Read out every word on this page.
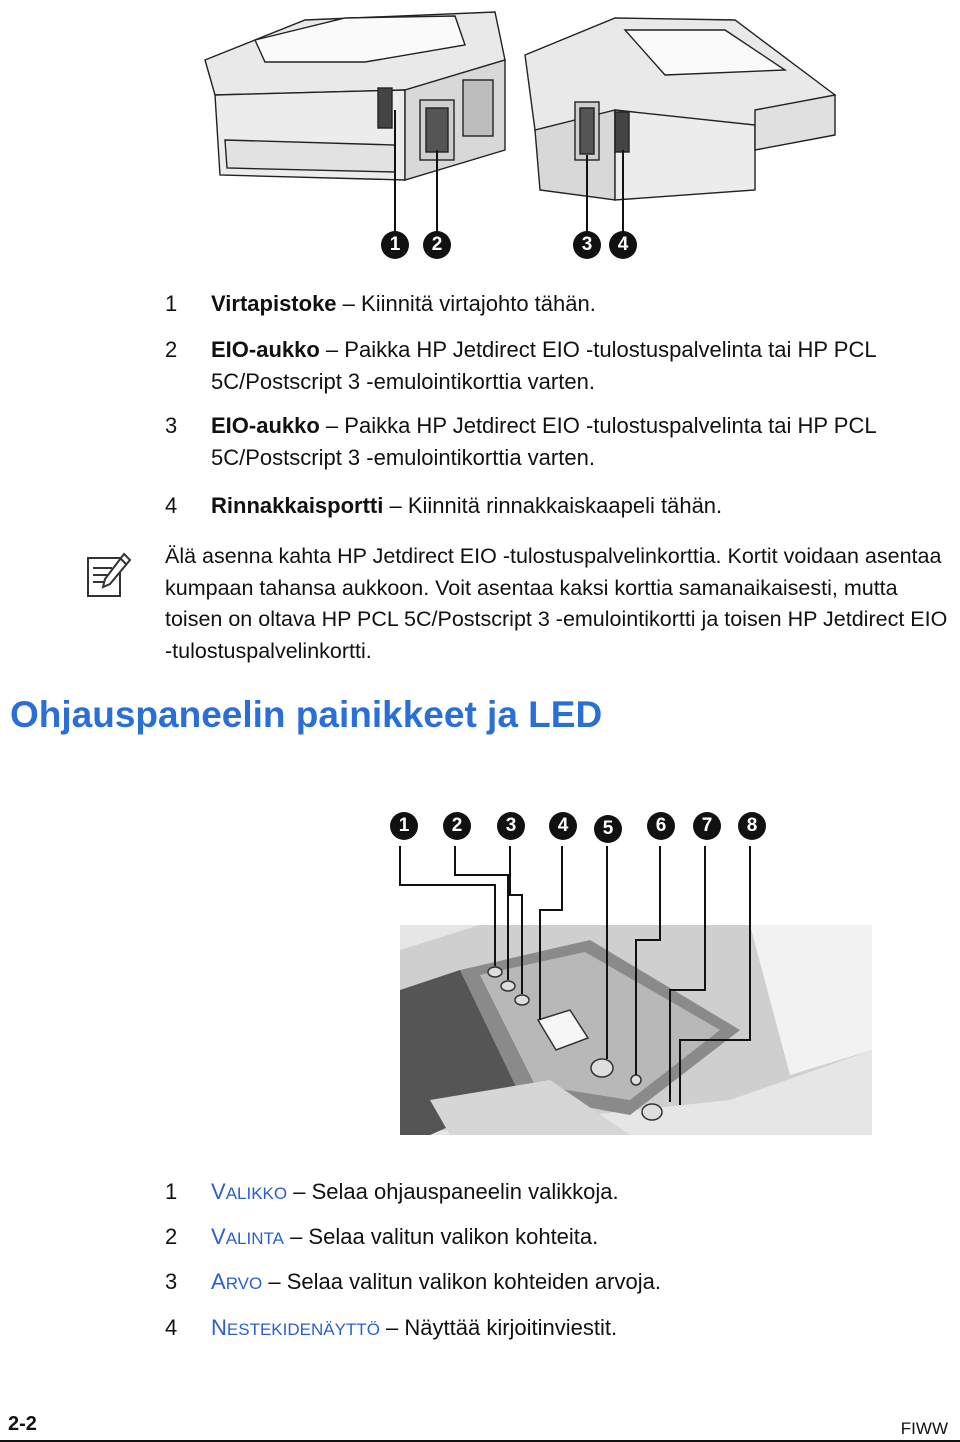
1	2	3	4
1	Virtapistoke – Kiinnitä virtajohto tähän.
2	EIO-aukko – Paikka HP Jetdirect EIO -tulostuspalvelinta tai HP PCL 5C/Postscript 3 -emulointikorttia varten.
3	EIO-aukko – Paikka HP Jetdirect EIO -tulostuspalvelinta tai HP PCL 5C/Postscript 3 -emulointikorttia varten.
4	Rinnakkaisportti – Kiinnitä rinnakkaiskaapeli tähän.
Älä asenna kahta HP Jetdirect EIO -tulostuspalvelinkorttia. Kortit voidaan asentaa kumpaan tahansa aukkoon. Voit asentaa kaksi korttia samanaikaisesti, mutta toisen on oltava HP PCL 5C/Postscript 3 -emulointikortti ja toisen HP Jetdirect EIO -tulostuspalvelinkortti.
Ohjauspaneelin painikkeet ja LED
1	2	3	4	5	6	7	8
1	VALIKKO – Selaa ohjauspaneelin valikkoja.
2	VALINTA – Selaa valitun valikon kohteita.
3	ARVO – Selaa valitun valikon kohteiden arvoja.
4	NESTEKIDENÄYTTÖ – Näyttää kirjoitinviestit.
2-2	FIWW
